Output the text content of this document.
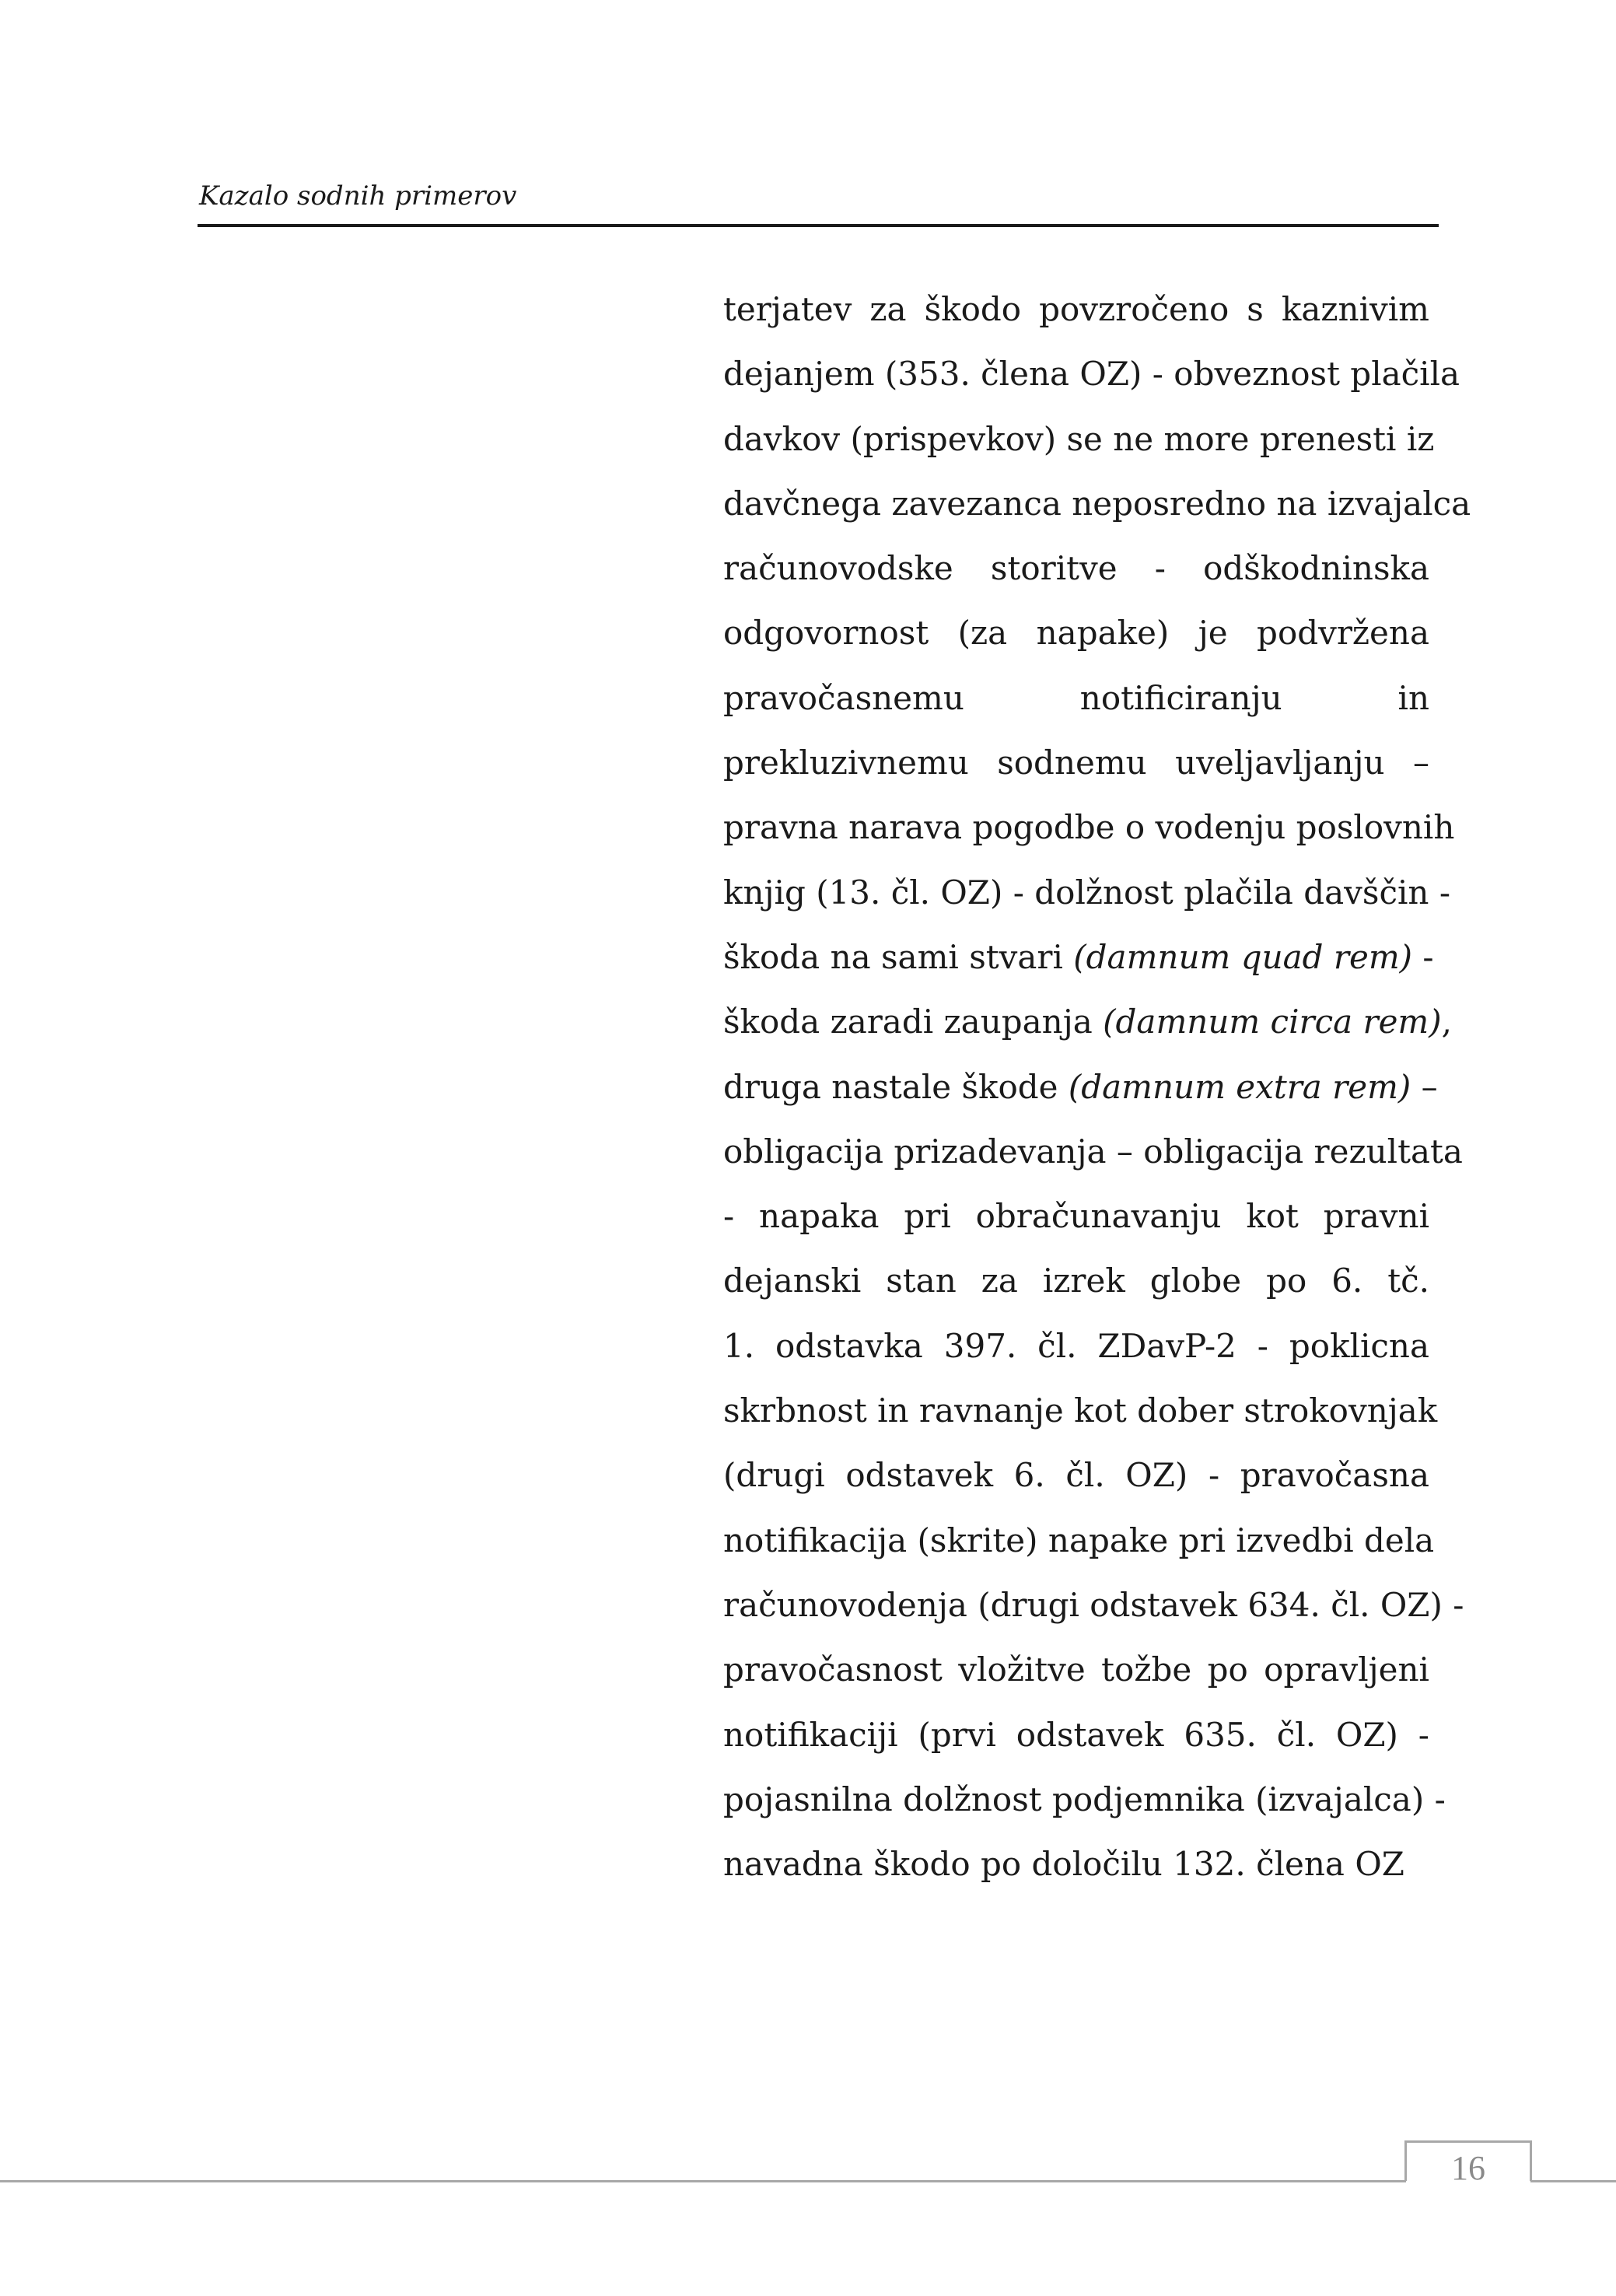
Kazalo sodnih primerov
terjatev za škodo povzročeno s kaznivim
dejanjem (353. člena OZ) - obveznost plačila
davkov (prispevkov) se ne more prenesti iz
davčnega zavezanca neposredno na izvajalca
računovodske storitve - odškodninska
odgovornost (za napake) je podvržena
pravočasnemu notificiranju in
prekluzivnemu sodnemu uveljavljanju –
pravna narava pogodbe o vodenju poslovnih
knjig (13. čl. OZ) - dolžnost plačila davščin -
škoda na sami stvari (damnum quad rem) -
škoda zaradi zaupanja (damnum circa rem),
druga nastale škode (damnum extra rem) –
obligacija prizadevanja – obligacija rezultata
- napaka pri obračunavanju kot pravni
dejanski stan za izrek globe po 6. tč.
1. odstavka 397. čl. ZDavP-2 - poklicna
skrbnost in ravnanje kot dober strokovnjak
(drugi odstavek 6. čl. OZ) - pravočasna
notifikacija (skrite) napake pri izvedbi dela
računovodenja (drugi odstavek 634. čl. OZ) -
pravočasnost vložitve tožbe po opravljeni
notifikaciji (prvi odstavek 635. čl. OZ) -
pojasnilna dolžnost podjemnika (izvajalca) -
navadna škodo po določilu 132. člena OZ
16
